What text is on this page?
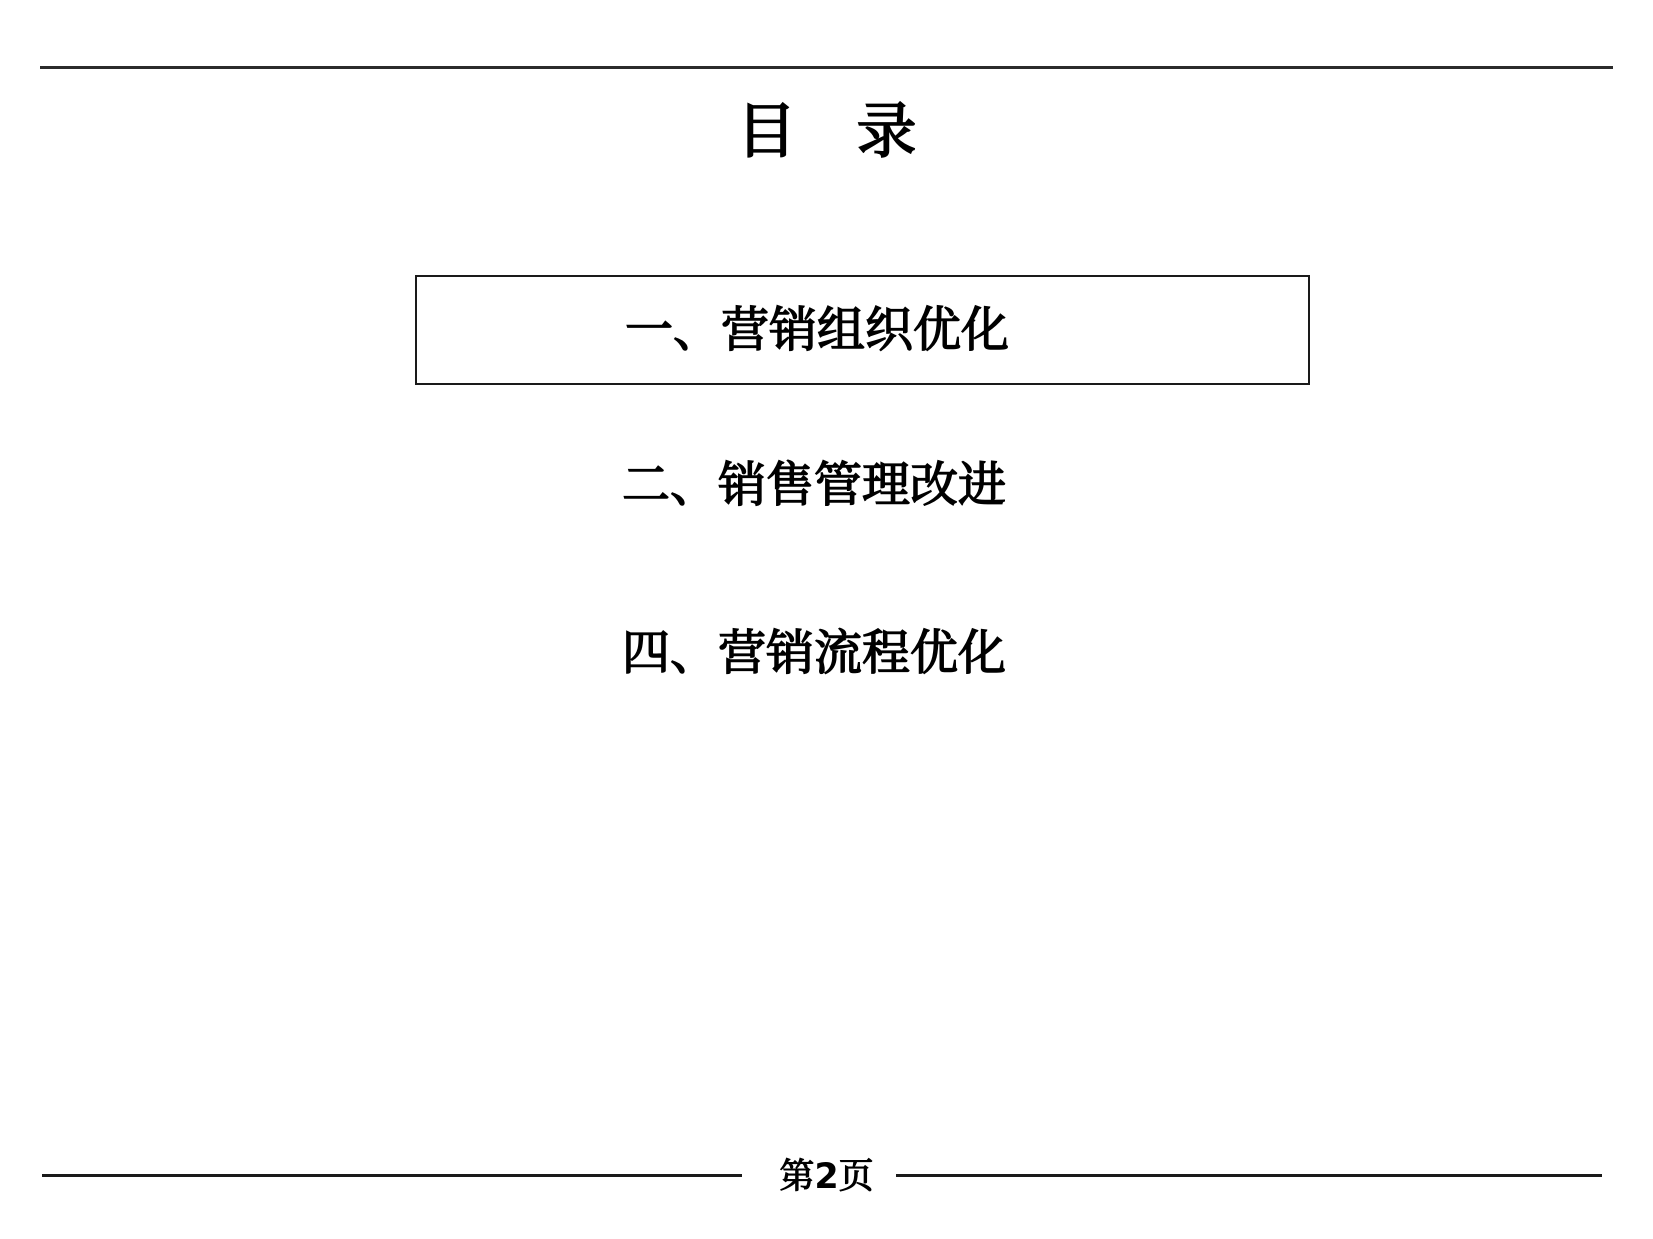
目　录
一、营销组织优化
二、销售管理改进
四、营销流程优化
第2页
